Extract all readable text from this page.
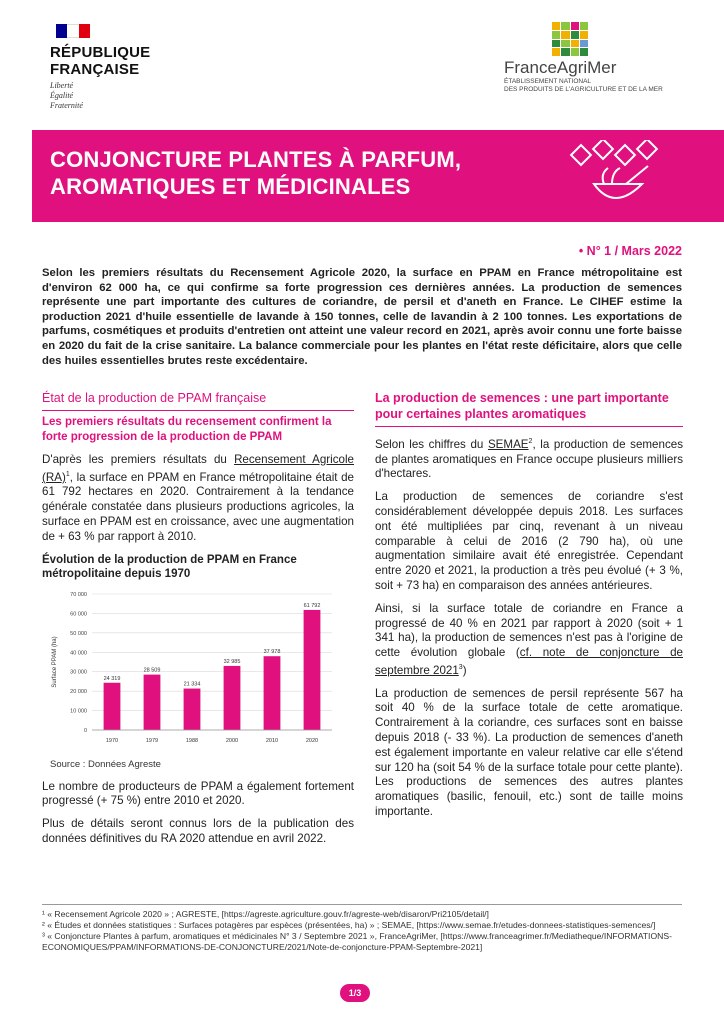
RÉPUBLIQUE
FRANÇAISE
Liberté
Égalité
Fraternité
FranceAgriMer
ÉTABLISSEMENT NATIONAL
DES PRODUITS DE L'AGRICULTURE ET DE LA MER
CONJONCTURE PLANTES À PARFUM,
AROMATIQUES ET MÉDICINALES
• N° 1 / Mars 2022
Selon les premiers résultats du Recensement Agricole 2020, la surface en PPAM en France métropolitaine est d'environ 62 000 ha, ce qui confirme sa forte progression ces dernières années. La production de semences représente une part importante des cultures de coriandre, de persil et d'aneth en France. Le CIHEF estime la production 2021 d'huile essentielle de lavande à 150 tonnes, celle de lavandin à 2 100 tonnes. Les exportations de parfums, cosmétiques et produits d'entretien ont atteint une valeur record en 2021, après avoir connu une forte baisse en 2020 du fait de la crise sanitaire. La balance commerciale pour les plantes en l'état reste déficitaire, alors que celle des huiles essentielles brutes reste excédentaire.
État de la production de PPAM française
Les premiers résultats du recensement confirment la forte progression de la production de PPAM

D'après les premiers résultats du Recensement Agricole (RA)$^1$, la surface en PPAM en France métropolitaine était de 61 792 hectares en 2020. Contrairement à la tendance générale constatée dans plusieurs productions agricoles, la surface en PPAM est en croissance, avec une augmentation de + 63 % par rapport à 2010.

Évolution de la production de PPAM en France métropolitaine depuis 1970
0
10 000
20 000
30 000
40 000
50 000
60 000
70 000
Surface PPAM (ha)	24 319
1970
28 509
1979
21 334
1988
32 985
2000
37 978
2010
61 792
2020
Source : Données Agreste

Le nombre de producteurs de PPAM a également fortement progressé (+ 75 %) entre 2010 et 2020.

Plus de détails seront connus lors de la publication des données définitives du RA 2020 attendue en avril 2022.

La production de semences : une part importante pour certaines plantes aromatiques

Selon les chiffres du SEMAE$^2$, la production de semences de plantes aromatiques en France occupe plusieurs milliers d'hectares.

La production de semences de coriandre s'est considérablement développée depuis 2018. Les surfaces ont été multipliées par cinq, revenant à un niveau comparable à celui de 2016 (2 790 ha), où une augmentation similaire avait été enregistrée. Cependant entre 2020 et 2021, la production a très peu évolué (+ 3 %, soit + 73 ha) en comparaison des années antérieures.

Ainsi, si la surface totale de coriandre en France a progressé de 40 % en 2021 par rapport à 2020 (soit + 1 341 ha), la production de semences n'est pas à l'origine de cette évolution globale (cf. note de conjoncture de septembre 2021$^3$)

La production de semences de persil représente 567 ha soit 40 % de la surface totale de cette aromatique. Contrairement à la coriandre, ces surfaces sont en baisse depuis 2018 (- 33 %). La production de semences d'aneth est également importante en valeur relative car elle s'étend sur 120 ha (soit 54 % de la surface totale pour cette plante). Les productions de semences des autres plantes aromatiques (basilic, fenouil, etc.) sont de taille moins importante.

¹ « Recensement Agricole 2020 » ; AGRESTE, [https://agreste.agriculture.gouv.fr/agreste-web/disaron/Pri2105/detail/]
² « Études et données statistiques : Surfaces potagères par espèces (présentées, ha) » ; SEMAE, [https://www.semae.fr/etudes-donnees-statistiques-semences/]
³ « Conjoncture Plantes à parfum, aromatiques et médicinales N° 3 / Septembre 2021 », FranceAgriMer, [https://www.franceagrimer.fr/Mediatheque/INFORMATIONS-ECONOMIQUES/PPAM/INFORMATIONS-DE-CONJONCTURE/2021/Note-de-conjoncture-PPAM-Septembre-2021]
1/3
